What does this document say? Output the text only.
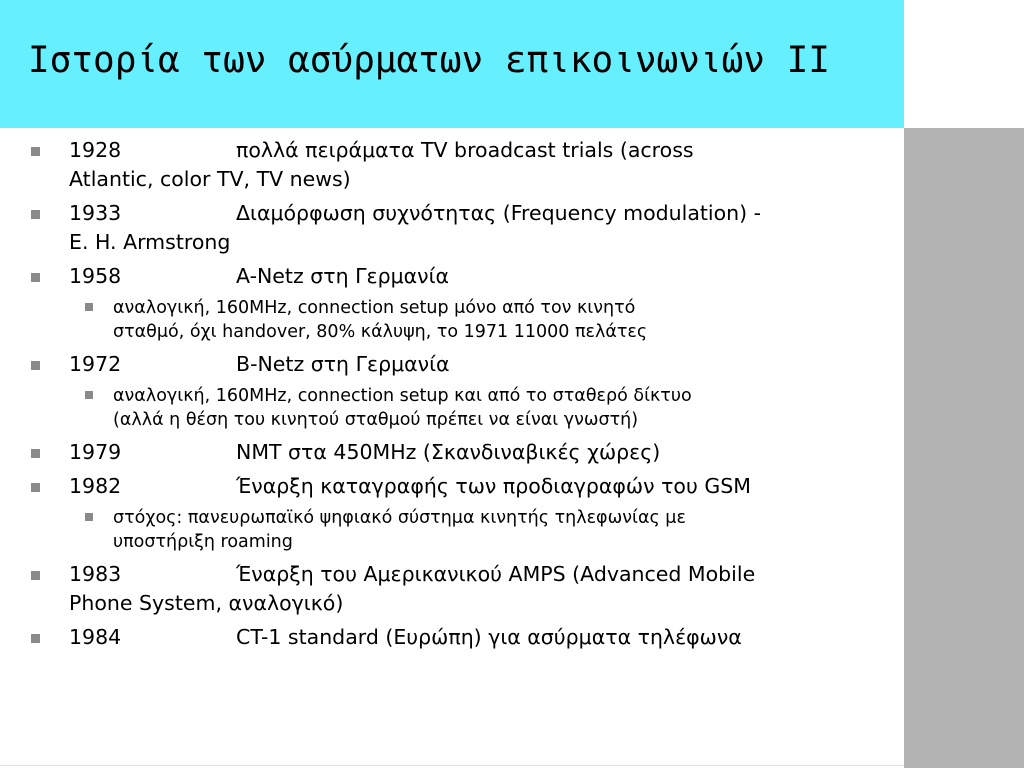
Ιστορία των ασύρματων επικοινωνιών ΙΙ
1928	πολλά πειράματα TV broadcast trials (across
Atlantic, color TV, TV news)
1933	Διαμόρφωση συχνότητας (Frequency modulation) -
E. H. Armstrong
1958	A-Netz στη Γερμανία
αναλογική, 160MHz, connection setup μόνο από τον κινητό
σταθμό, όχι handover, 80% κάλυψη, το 1971 11000 πελάτες
1972	B-Netz στη Γερμανία
αναλογική, 160MHz, connection setup και από το σταθερό δίκτυο
(αλλά η θέση του κινητού σταθμού πρέπει να είναι γνωστή)
1979	NMT στα 450MHz (Σκανδιναβικές χώρες)
1982	Έναρξη καταγραφής των προδιαγραφών του GSM
στόχος: πανευρωπαϊκό ψηφιακό σύστημα κινητής τηλεφωνίας με
υποστήριξη roaming
1983	Έναρξη του Αμερικανικού AMPS (Advanced Mobile
Phone System, αναλογικό)
1984	CT-1 standard (Ευρώπη) για ασύρματα τηλέφωνα
